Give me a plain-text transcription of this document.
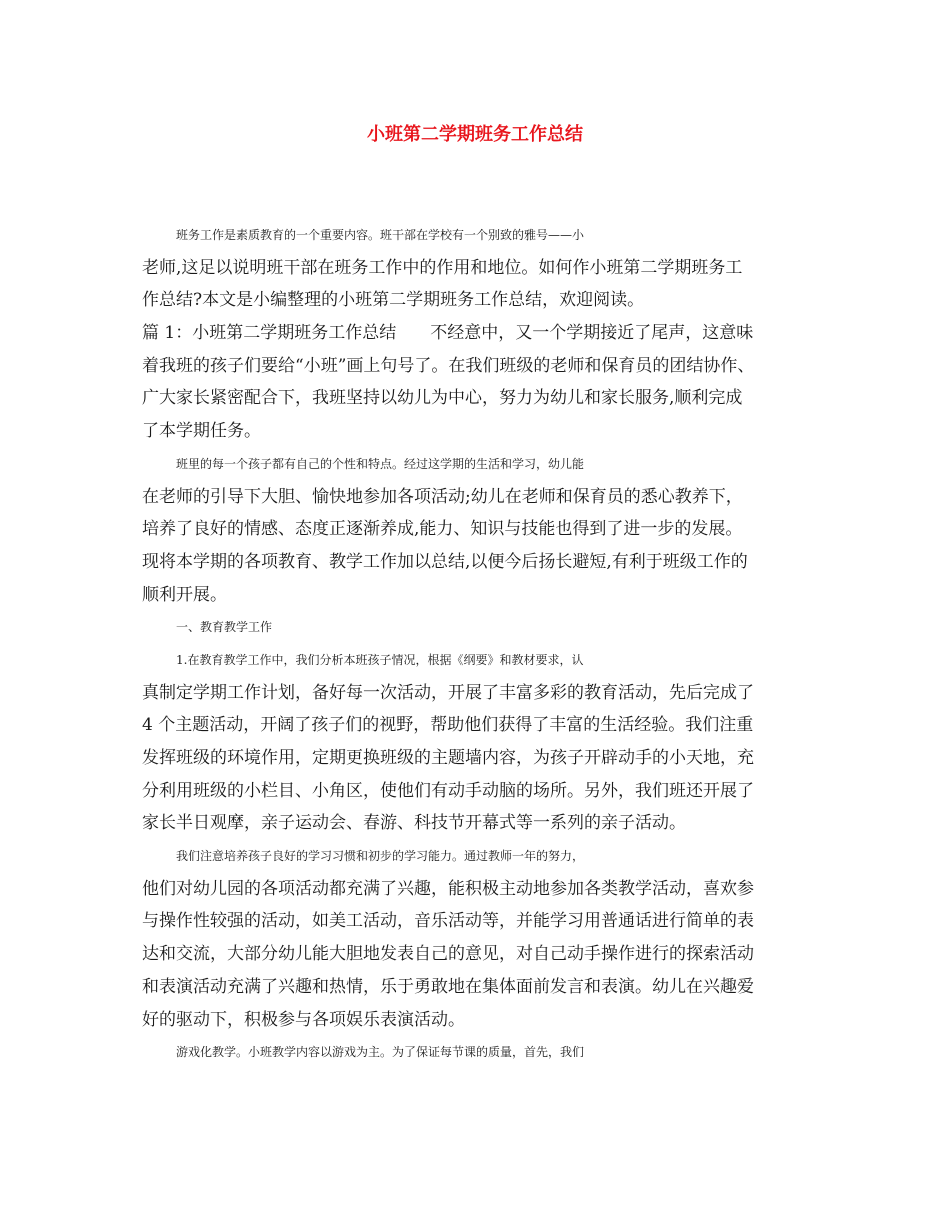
小班第二学期班务工作总结
班务工作是素质教育的一个重要内容。班干部在学校有一个别致的雅号——小
老师,这足以说明班干部在班务工作中的作用和地位。如何作小班第二学期班务工
作总结?本文是小编整理的小班第二学期班务工作总结，欢迎阅读。
篇 1：小班第二学期班务工作总结　　不经意中，又一个学期接近了尾声，这意味
着我班的孩子们要给“小班”画上句号了。在我们班级的老师和保育员的团结协作、
广大家长紧密配合下，我班坚持以幼儿为中心，努力为幼儿和家长服务,顺利完成
了本学期任务。
班里的每一个孩子都有自己的个性和特点。经过这学期的生活和学习，幼儿能
在老师的引导下大胆、愉快地参加各项活动;幼儿在老师和保育员的悉心教养下，
培养了良好的情感、态度正逐渐养成,能力、知识与技能也得到了进一步的发展。
现将本学期的各项教育、教学工作加以总结,以便今后扬长避短,有利于班级工作的
顺利开展。
一、教育教学工作
1.在教育教学工作中，我们分析本班孩子情况，根据《纲要》和教材要求，认
真制定学期工作计划，备好每一次活动，开展了丰富多彩的教育活动，先后完成了
4 个主题活动，开阔了孩子们的视野，帮助他们获得了丰富的生活经验。我们注重
发挥班级的环境作用，定期更换班级的主题墙内容，为孩子开辟动手的小天地，充
分利用班级的小栏目、小角区，使他们有动手动脑的场所。另外，我们班还开展了
家长半日观摩，亲子运动会、春游、科技节开幕式等一系列的亲子活动。
我们注意培养孩子良好的学习习惯和初步的学习能力。通过教师一年的努力，
他们对幼儿园的各项活动都充满了兴趣，能积极主动地参加各类教学活动，喜欢参
与操作性较强的活动，如美工活动，音乐活动等，并能学习用普通话进行简单的表
达和交流，大部分幼儿能大胆地发表自己的意见，对自己动手操作进行的探索活动
和表演活动充满了兴趣和热情，乐于勇敢地在集体面前发言和表演。幼儿在兴趣爱
好的驱动下，积极参与各项娱乐表演活动。
游戏化教学。小班教学内容以游戏为主。为了保证每节课的质量，首先，我们
